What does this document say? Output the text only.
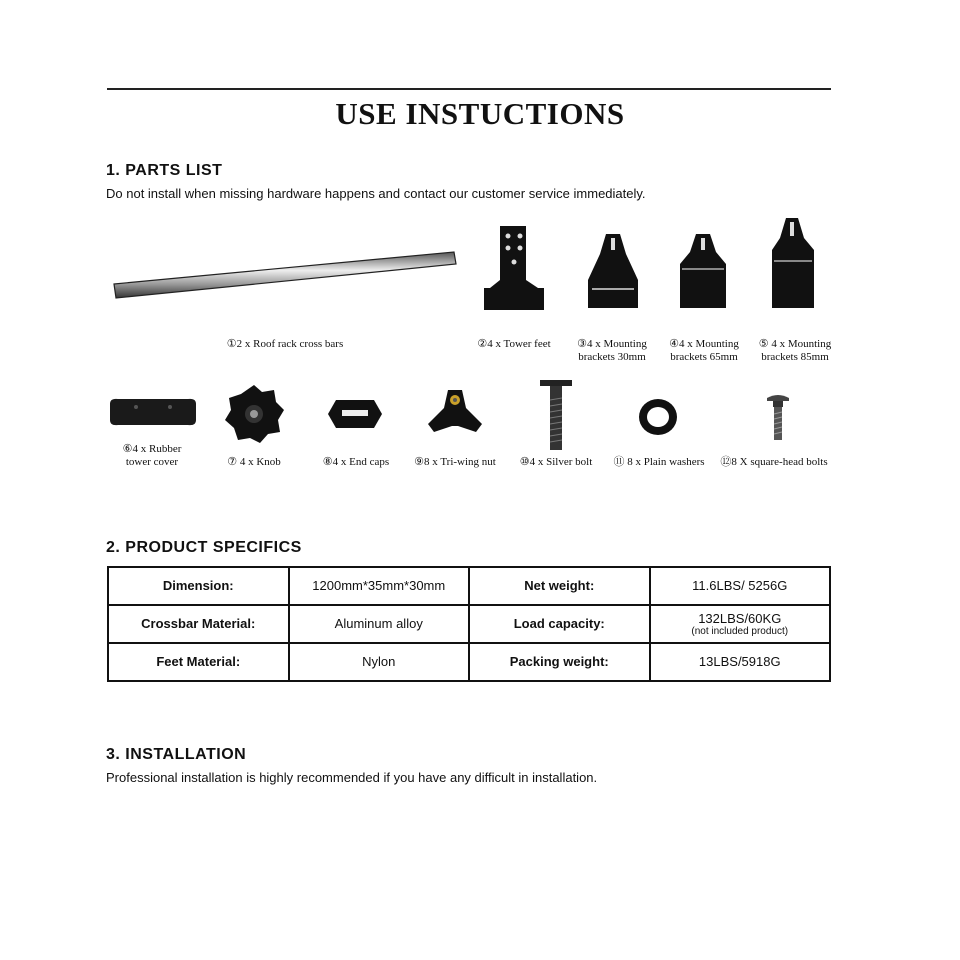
USE INSTUCTIONS
1. PARTS LIST
Do not install when missing hardware happens and contact our customer service immediately.
①2 x Roof rack cross bars	②4 x Tower feet	③4 x Mounting
brackets 30mm
④4 x Mounting
brackets 65mm
⑤ 4 x Mounting
brackets 85mm
⑥4 x Rubber
tower cover	⑦ 4 x Knob	⑧4 x End caps	⑨8 x Tri-wing nut	⑩4 x Silver bolt	⑪ 8 x Plain washers	⑫8 X square-head bolts
2. PRODUCT SPECIFICS
Dimension:	1200mm*35mm*30mm	Net weight:	11.6LBS/ 5256G
Crossbar Material:	Aluminum alloy	Load capacity:	132LBS/60KG
(not included product)

Feet Material:	Nylon	Packing weight:	13LBS/5918G
3. INSTALLATION
Professional installation is highly recommended if you have any difficult in installation.
